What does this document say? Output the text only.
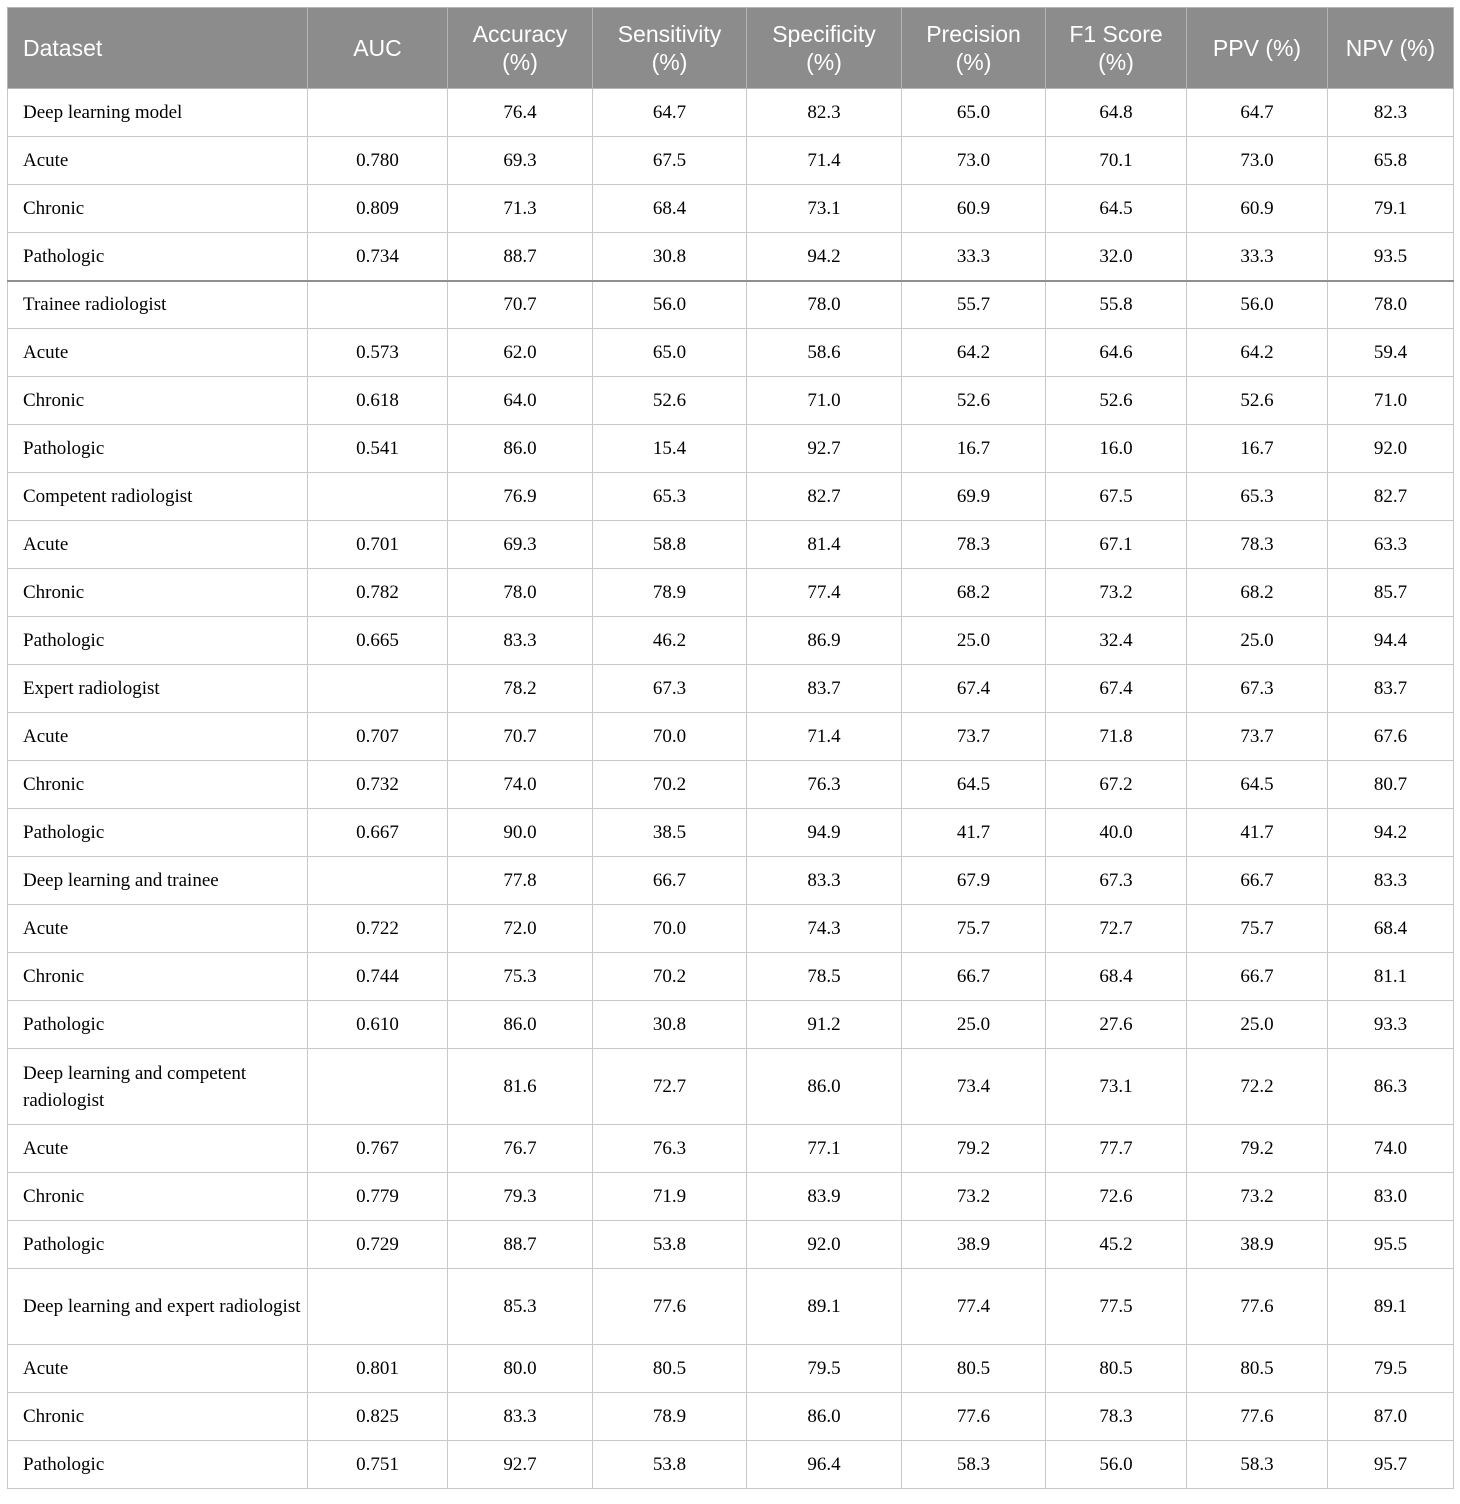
Dataset	AUC	Accuracy (%)	Sensitivity (%)	Specificity (%)	Precision (%)	F1 Score (%)	PPV (%)	NPV (%)
Deep learning model		76.4	64.7	82.3	65.0	64.8	64.7	82.3
Acute	0.780	69.3	67.5	71.4	73.0	70.1	73.0	65.8
Chronic	0.809	71.3	68.4	73.1	60.9	64.5	60.9	79.1
Pathologic	0.734	88.7	30.8	94.2	33.3	32.0	33.3	93.5
Trainee radiologist		70.7	56.0	78.0	55.7	55.8	56.0	78.0
Acute	0.573	62.0	65.0	58.6	64.2	64.6	64.2	59.4
Chronic	0.618	64.0	52.6	71.0	52.6	52.6	52.6	71.0
Pathologic	0.541	86.0	15.4	92.7	16.7	16.0	16.7	92.0
Competent radiologist		76.9	65.3	82.7	69.9	67.5	65.3	82.7
Acute	0.701	69.3	58.8	81.4	78.3	67.1	78.3	63.3
Chronic	0.782	78.0	78.9	77.4	68.2	73.2	68.2	85.7
Pathologic	0.665	83.3	46.2	86.9	25.0	32.4	25.0	94.4
Expert radiologist		78.2	67.3	83.7	67.4	67.4	67.3	83.7
Acute	0.707	70.7	70.0	71.4	73.7	71.8	73.7	67.6
Chronic	0.732	74.0	70.2	76.3	64.5	67.2	64.5	80.7
Pathologic	0.667	90.0	38.5	94.9	41.7	40.0	41.7	94.2
Deep learning and trainee		77.8	66.7	83.3	67.9	67.3	66.7	83.3
Acute	0.722	72.0	70.0	74.3	75.7	72.7	75.7	68.4
Chronic	0.744	75.3	70.2	78.5	66.7	68.4	66.7	81.1
Pathologic	0.610	86.0	30.8	91.2	25.0	27.6	25.0	93.3
Deep learning and competent radiologist		81.6	72.7	86.0	73.4	73.1	72.2	86.3
Acute	0.767	76.7	76.3	77.1	79.2	77.7	79.2	74.0
Chronic	0.779	79.3	71.9	83.9	73.2	72.6	73.2	83.0
Pathologic	0.729	88.7	53.8	92.0	38.9	45.2	38.9	95.5
Deep learning and expert radiologist		85.3	77.6	89.1	77.4	77.5	77.6	89.1
Acute	0.801	80.0	80.5	79.5	80.5	80.5	80.5	79.5
Chronic	0.825	83.3	78.9	86.0	77.6	78.3	77.6	87.0
Pathologic	0.751	92.7	53.8	96.4	58.3	56.0	58.3	95.7
